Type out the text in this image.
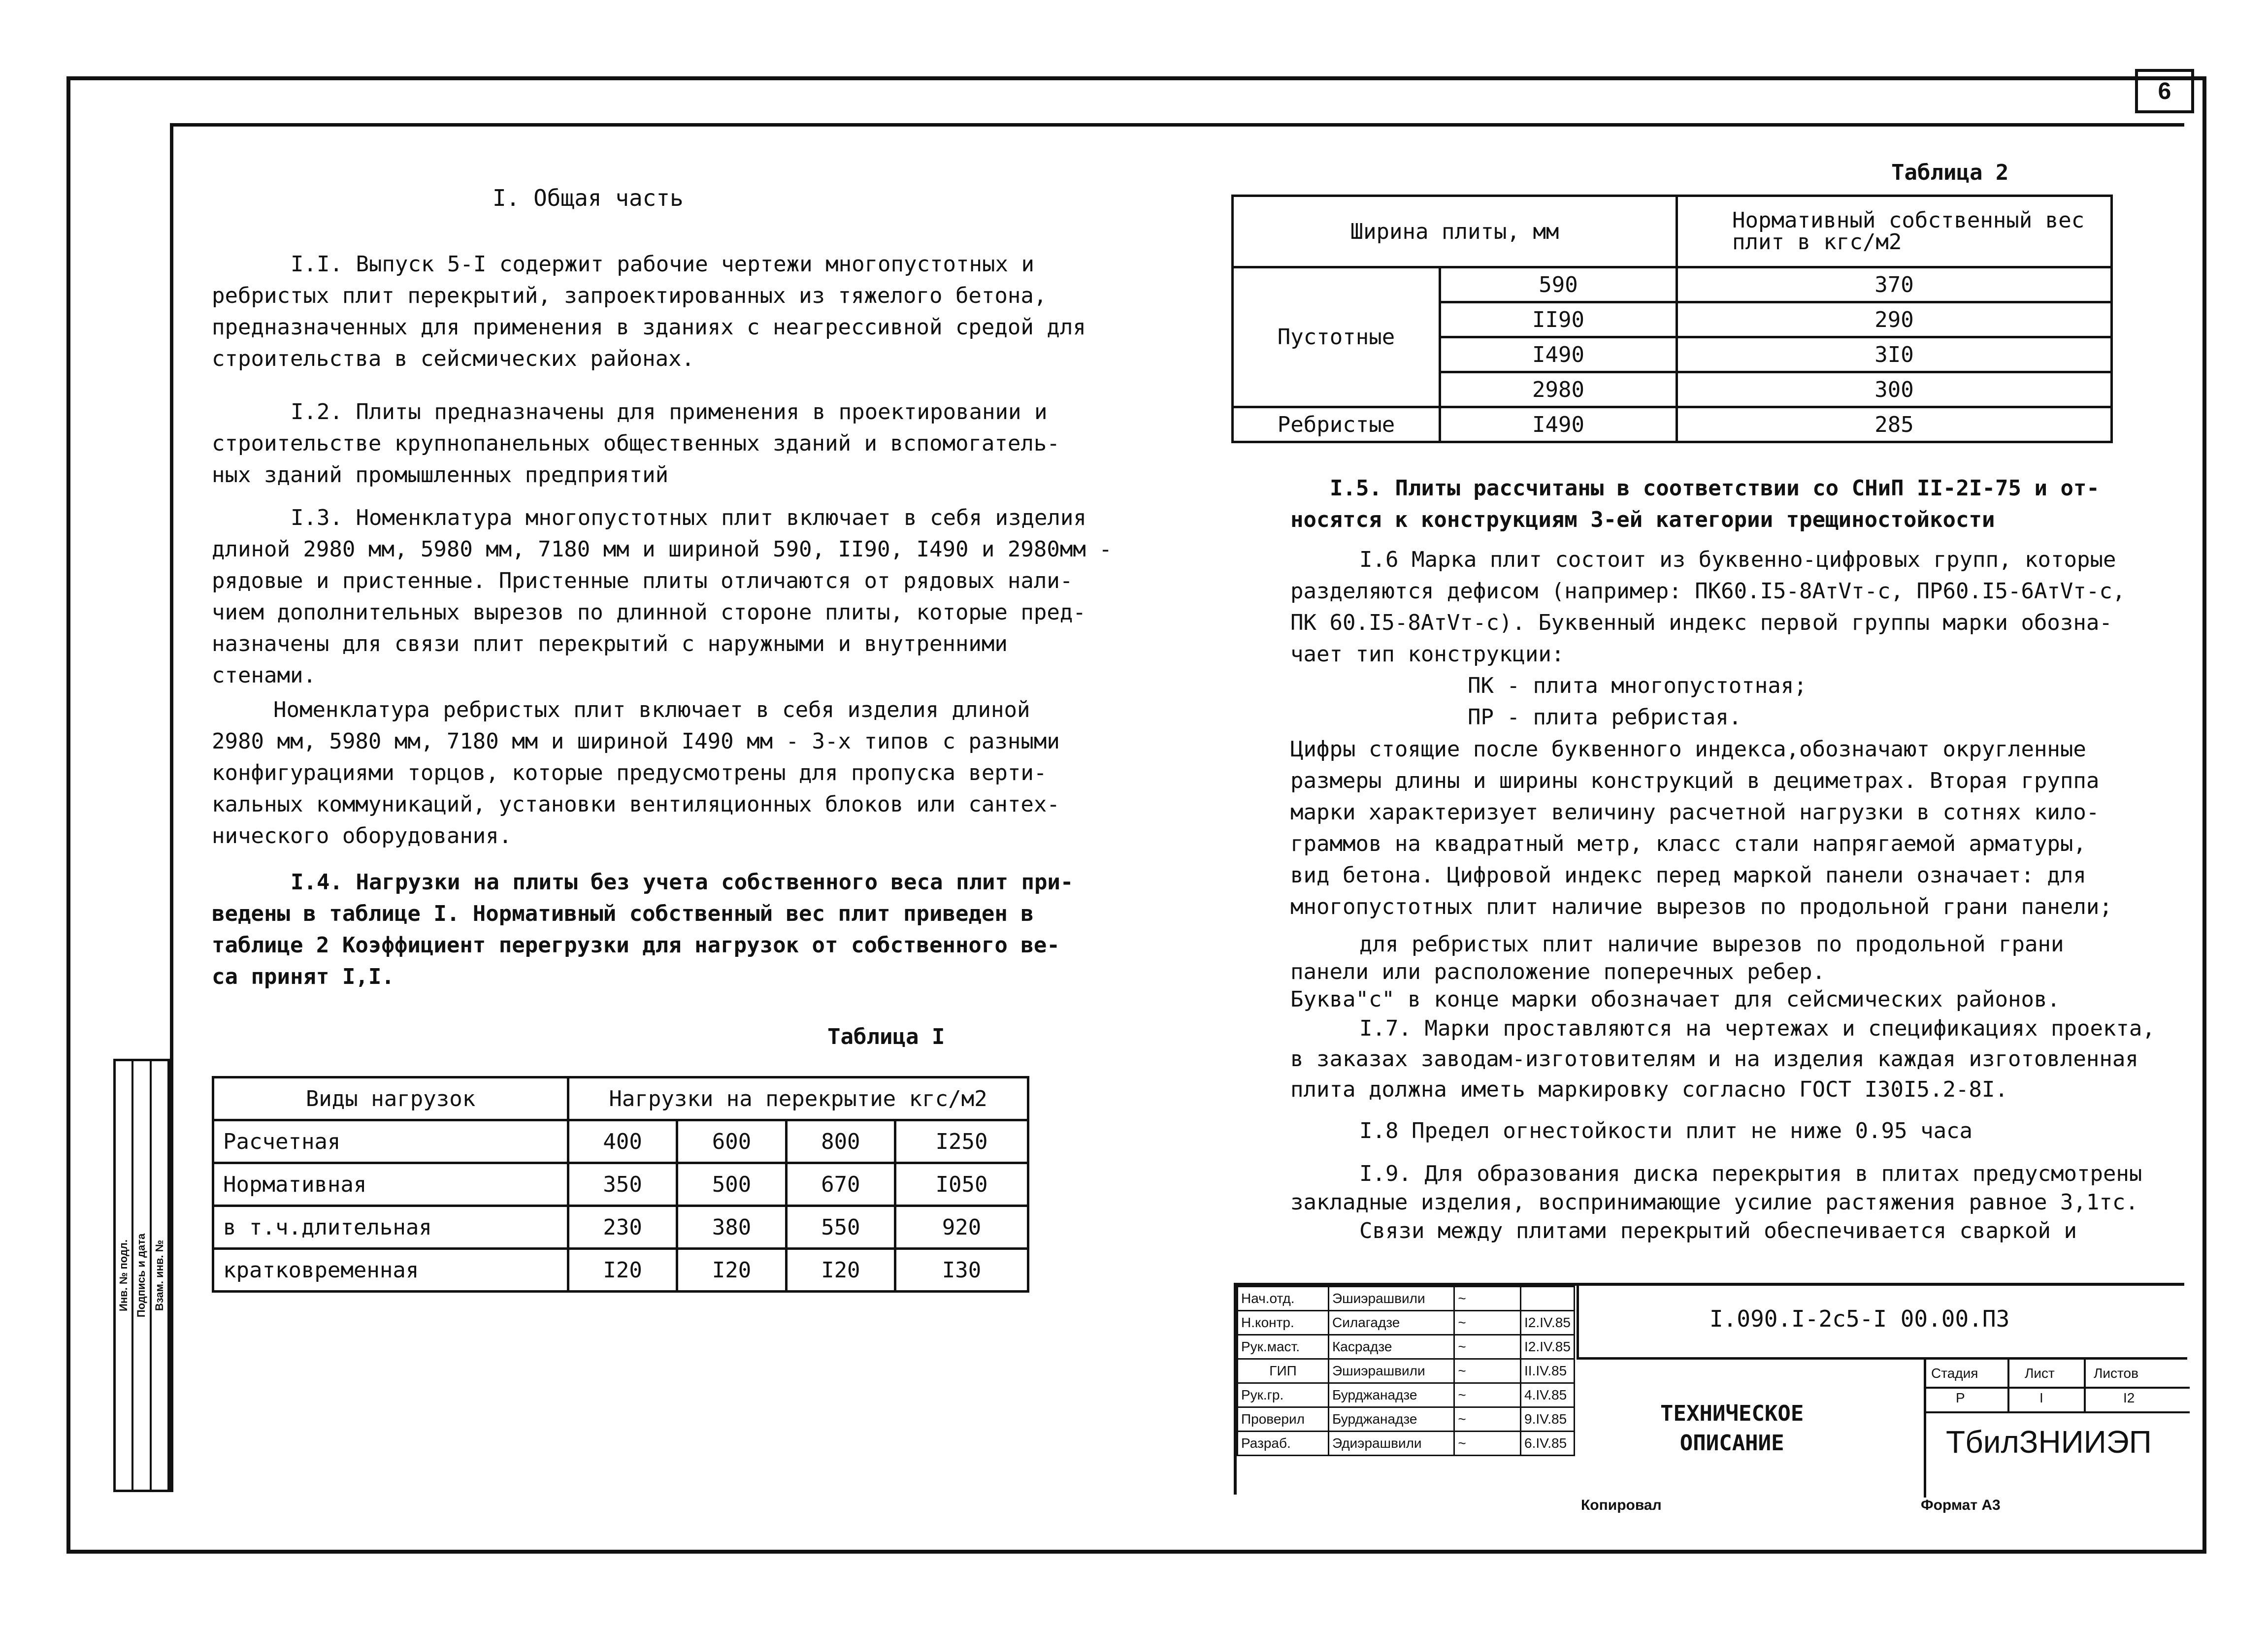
6
Инв. № подл. Подпись и дата Взам. инв. №
I. Общая часть
I.I. Выпуск 5-I содержит рабочие чертежи многопустотных и
ребристых плит перекрытий, запроектированных из тяжелого бетона,
предназначенных для применения в зданиях с неагрессивной средой для
строительства в сейсмических районах.
I.2. Плиты предназначены для применения в проектировании и
строительстве крупнопанельных общественных зданий и вспомогатель-
ных зданий промышленных предприятий
I.3. Номенклатура многопустотных плит включает в себя изделия
длиной 2980 мм, 5980 мм, 7180 мм и шириной 590, II90, I490 и 2980мм -
рядовые и пристенные. Пристенные плиты отличаются от рядовых нали-
чием дополнительных вырезов по длинной стороне плиты, которые пред-
назначены для связи плит перекрытий с наружными и внутренними
стенами.
Номенклатура ребристых плит включает в себя изделия длиной
2980 мм, 5980 мм, 7180 мм и шириной I490 мм - 3-х типов с разными
конфигурациями торцов, которые предусмотрены для пропуска верти-
кальных коммуникаций, установки вентиляционных блоков или сантех-
нического оборудования.
I.4. Нагрузки на плиты без учета собственного веса плит при-
ведены в таблице I. Нормативный собственный вес плит приведен в
таблице 2 Коэффициент перегрузки для нагрузок от собственного ве-
са принят I,I.
Таблица I
Виды нагрузок	Нагрузки на перекрытие кгс/м2			
Расчетная	400	600	800	I250
Нормативная	350	500	670	I050
в т.ч.длительная	230	380	550	920
кратковременная	I20	I20	I20	I30
Таблица 2
Ширина плиты, мм		Нормативный собственный вес
плит в кгс/м2

Пустотные	590	370
	II90	290
	I490	3I0
	2980	300
Ребристые	I490	285
I.5. Плиты рассчитаны в соответствии со СНиП II-2I-75 и от-
носятся к конструкциям 3-ей категории трещиностойкости
I.6 Марка плит состоит из буквенно-цифровых групп, которые
разделяются дефисом (например: ПК60.I5-8АтVт-с, ПР60.I5-6АтVт-с,
ПК 60.I5-8АтVт-с). Буквенный индекс первой группы марки обозна-
чает тип конструкции:
ПК - плита многопустотная;
ПР - плита ребристая.
Цифры стоящие после буквенного индекса,обозначают округленные
размеры длины и ширины конструкций в дециметрах. Вторая группа
марки характеризует величину расчетной нагрузки в сотнях кило-
граммов на квадратный метр, класс стали напрягаемой арматуры,
вид бетона. Цифровой индекс перед маркой панели означает: для
многопустотных плит наличие вырезов по продольной грани панели;
для ребристых плит наличие вырезов по продольной грани
панели или расположение поперечных ребер.
Буква"с" в конце марки обозначает для сейсмических районов.
I.7. Марки проставляются на чертежах и спецификациях проекта,
в заказах заводам-изготовителям и на изделия каждая изготовленная
плита должна иметь маркировку согласно ГОСТ I30I5.2-8I.
I.8 Предел огнестойкости плит не ниже 0.95 часа
I.9. Для образования диска перекрытия в плитах предусмотрены
закладные изделия, воспринимающие усилие растяжения равное 3,1тс.
Связи между плитами перекрытий обеспечивается сваркой и
Нач.отд.	Эшиэрашвили	~	
Н.контр.	Силагадзе	~	I2.IV.85
Рук.маст.	Касрадзе	~	I2.IV.85
ГИП	Эшиэрашвили	~	II.IV.85
Рук.гр.	Бурджанадзе	~	4.IV.85
Проверил	Бурджанадзе	~	9.IV.85
Разраб.	Эдиэрашвили	~	6.IV.85
I.090.I-2с5-I 00.00.ПЗ
Стадия	Лист	Листов
Р	I	I2
ТЕХНИЧЕСКОЕ
ОПИСАНИЕ	ТбилЗНИИЭП
Копировал	Формат А3
